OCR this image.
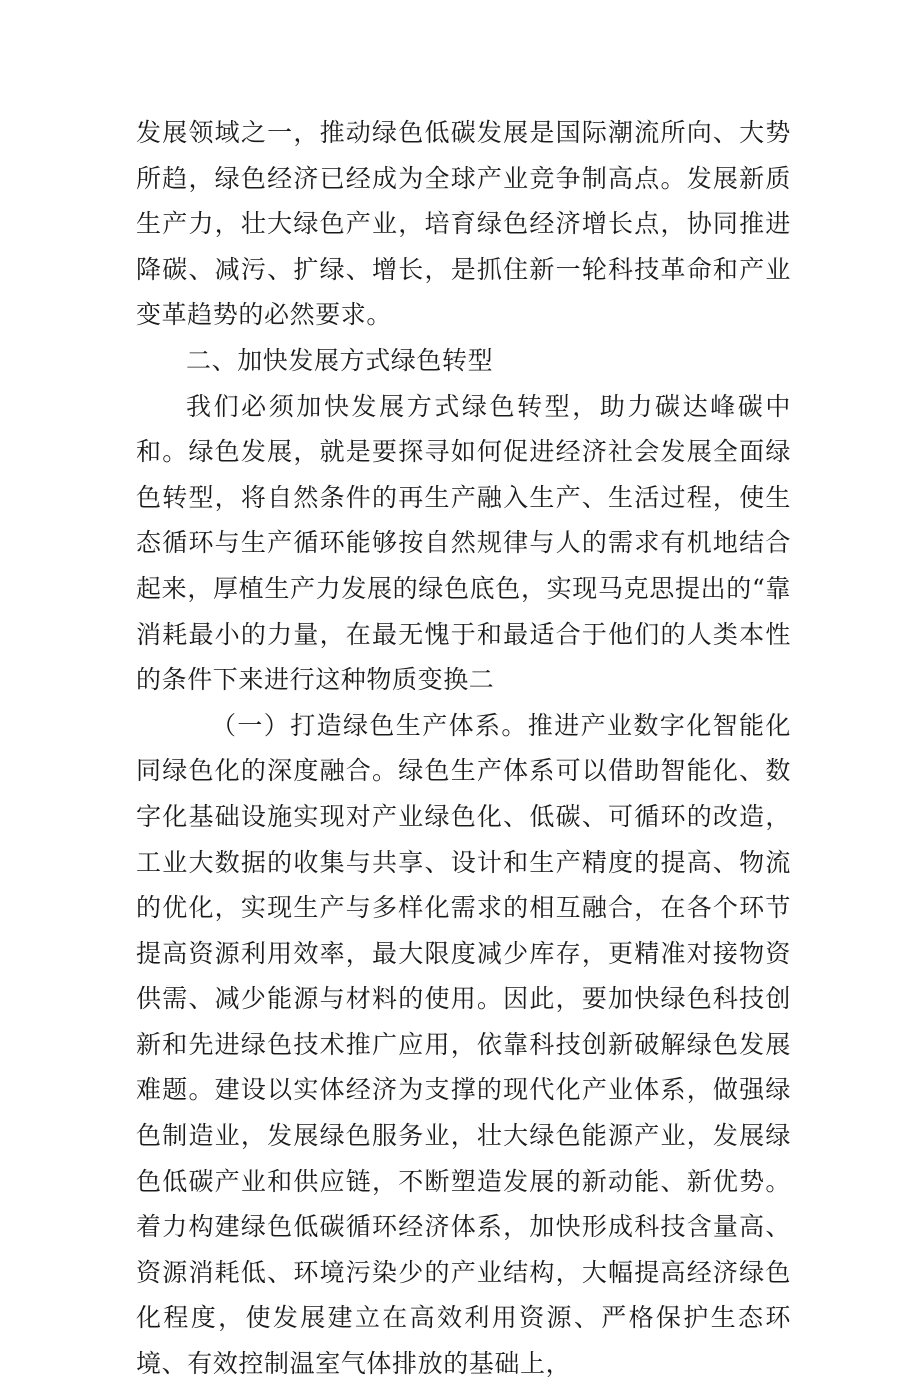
发展领域之一，推动绿色低碳发展是国际潮流所向、大势所趋，绿色经济已经成为全球产业竞争制高点。发展新质生产力，壮大绿色产业，培育绿色经济增长点，协同推进降碳、减污、扩绿、增长，是抓住新一轮科技革命和产业变革趋势的必然要求。

二、加快发展方式绿色转型

我们必须加快发展方式绿色转型，助力碳达峰碳中和。绿色发展，就是要探寻如何促进经济社会发展全面绿色转型，将自然条件的再生产融入生产、生活过程，使生态循环与生产循环能够按自然规律与人的需求有机地结合起来，厚植生产力发展的绿色底色，实现马克思提出的“靠消耗最小的力量，在最无愧于和最适合于他们的人类本性的条件下来进行这种物质变换二

（一）打造绿色生产体系。推进产业数字化智能化同绿色化的深度融合。绿色生产体系可以借助智能化、数字化基础设施实现对产业绿色化、低碳、可循环的改造，工业大数据的收集与共享、设计和生产精度的提高、物流的优化，实现生产与多样化需求的相互融合，在各个环节提高资源利用效率，最大限度减少库存，更精准对接物资供需、减少能源与材料的使用。因此，要加快绿色科技创新和先进绿色技术推广应用，依靠科技创新破解绿色发展难题。建设以实体经济为支撑的现代化产业体系，做强绿色制造业，发展绿色服务业，壮大绿色能源产业，发展绿色低碳产业和供应链，不断塑造发展的新动能、新优势。着力构建绿色低碳循环经济体系，加快形成科技含量高、资源消耗低、环境污染少的产业结构，大幅提高经济绿色化程度，使发展建立在高效利用资源、严格保护生态环境、有效控制温室气体排放的基础上，
